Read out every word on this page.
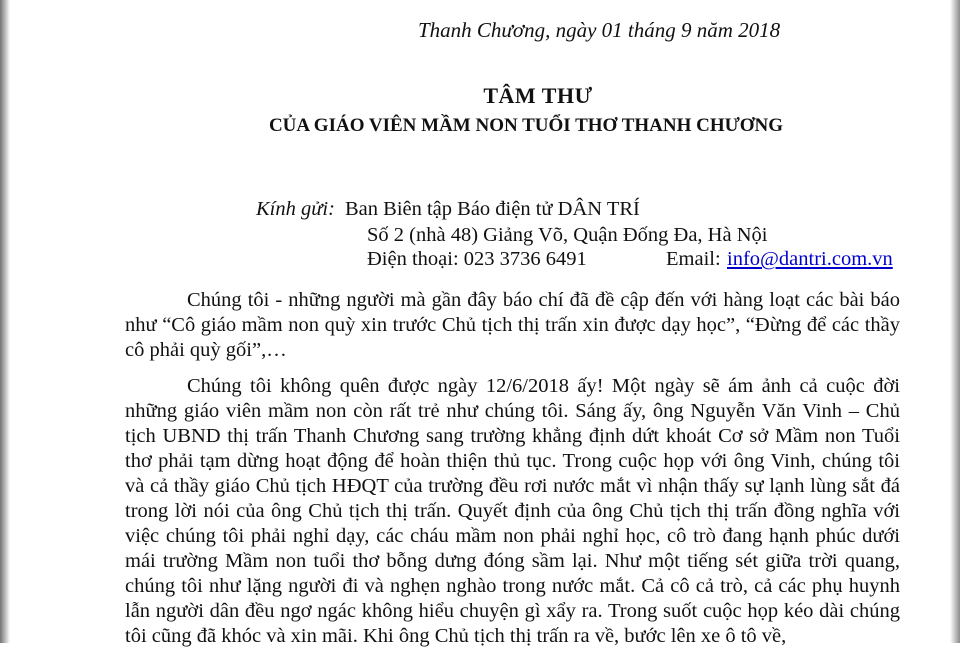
Thanh Chương, ngày 01 tháng 9 năm 2018
TÂM THƯ
CỦA GIÁO VIÊN MẦM NON TUỔI THƠ THANH CHƯƠNG
Kính gửi: Ban Biên tập Báo điện tử DÂN TRÍ
Số 2 (nhà 48) Giảng Võ, Quận Đống Đa, Hà Nội
Điện thoại: 023 3736 6491	Email: info@dantri.com.vn

Chúng tôi - những người mà gần đây báo chí đã đề cập đến với hàng loạt các bài báo như “Cô giáo mầm non quỳ xin trước Chủ tịch thị trấn xin được dạy học”, “Đừng để các thầy cô phải quỳ gối”,…

Chúng tôi không quên được ngày 12/6/2018 ấy! Một ngày sẽ ám ảnh cả cuộc đời những giáo viên mầm non còn rất trẻ như chúng tôi. Sáng ấy, ông Nguyễn Văn Vinh – Chủ tịch UBND thị trấn Thanh Chương sang trường khẳng định dứt khoát Cơ sở Mầm non Tuổi thơ phải tạm dừng hoạt động để hoàn thiện thủ tục. Trong cuộc họp với ông Vinh, chúng tôi và cả thầy giáo Chủ tịch HĐQT của trường đều rơi nước mắt vì nhận thấy sự lạnh lùng sắt đá trong lời nói của ông Chủ tịch thị trấn. Quyết định của ông Chủ tịch thị trấn đồng nghĩa với việc chúng tôi phải nghỉ dạy, các cháu mầm non phải nghỉ học, cô trò đang hạnh phúc dưới mái trường Mầm non tuổi thơ bỗng dưng đóng sầm lại. Như một tiếng sét giữa trời quang, chúng tôi như lặng người đi và nghẹn nghào trong nước mắt. Cả cô cả trò, cả các phụ huynh lẫn người dân đều ngơ ngác không hiểu chuyện gì xẩy ra. Trong suốt cuộc họp kéo dài chúng tôi cũng đã khóc và xin mãi. Khi ông Chủ tịch thị trấn ra về, bước lên xe ô tô về,
